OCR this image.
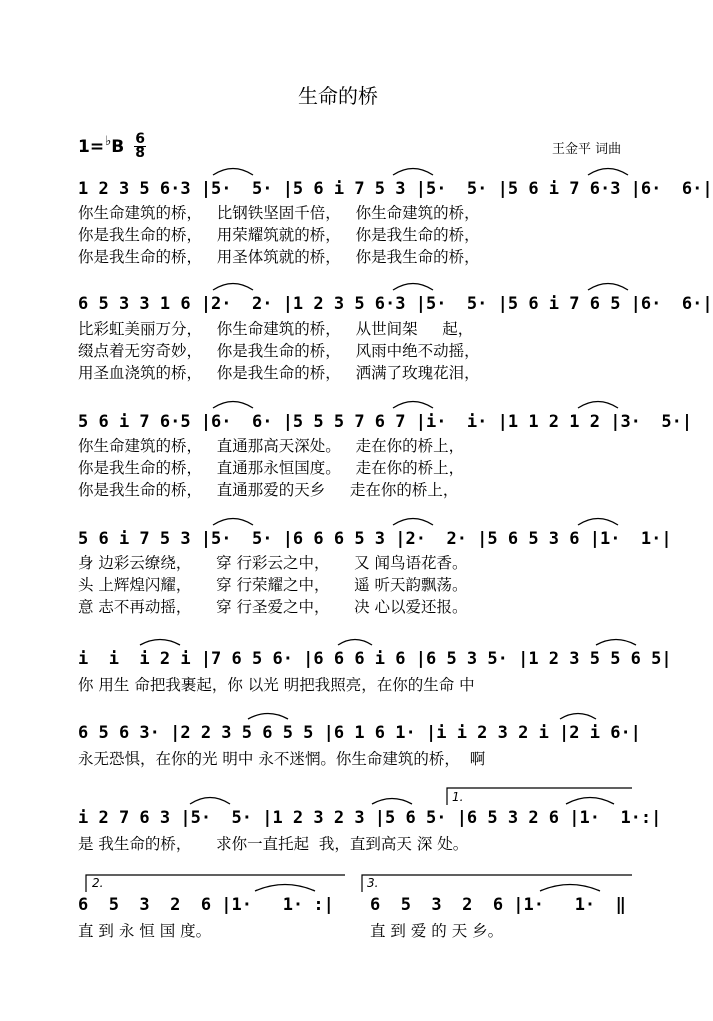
生命的桥
1= ♭ B 6
8	王金平 词曲
1 2 3 5 6·3 |5·  5· |5 6 i 7 5 3 |5·  5· |5 6 i 7 6·3 |6·  6·|
你生命建筑的桥，   比钢铁坚固千倍，   你生命建筑的桥，
你是我生命的桥，   用荣耀筑就的桥，   你是我生命的桥，
你是我生命的桥，   用圣体筑就的桥，   你是我生命的桥，
6 5 3 3 1 6 |2·  2· |1 2 3 5 6·3 |5·  5· |5 6 i 7 6 5 |6·  6·|
比彩虹美丽万分，   你生命建筑的桥，   从世间架     起，
缀点着无穷奇妙，   你是我生命的桥，   风雨中绝不动摇，
用圣血浇筑的桥，   你是我生命的桥，   洒满了玫瑰花泪，
5 6 i 7 6·5 |6·  6· |5 5 5 7 6 7 |i·  i· |1 1 2 1 2 |3·  5·|
你生命建筑的桥，   直通那高天深处。   走在你的桥上，
你是我生命的桥，   直通那永恒国度。   走在你的桥上，
你是我生命的桥，   直通那爱的天乡     走在你的桥上，
5 6 i 7 5 3 |5·  5· |6 6 6 5 3 |2·  2· |5 6 5 3 6 |1·  1·|
身 边彩云缭绕，     穿 行彩云之中，     又 闻鸟语花香。
头 上辉煌闪耀，     穿 行荣耀之中，     遥 听天韵飘荡。
意 志不再动摇，     穿 行圣爱之中，     决 心以爱还报。
i  i  i 2 i |7 6 5 6· |6 6 6 i 6 |6 5 3 5· |1 2 3 5 5 6 5|
你 用生 命把我裹起，你 以光 明把我照亮，在你的生命 中
6 5 6 3· |2 2 3 5 6 5 5 |6 1 6 1· |i i 2 3 2 i |2 i 6·|
永无恐惧，在你的光 明中 永不迷惘。你生命建筑的桥，  啊
1.
i 2 7 6 3 |5·  5· |1 2 3 2 3 |5 6 5· |6 5 3 2 6 |1·  1·:|
是 我生命的桥，     求你一直托起  我，直到高天 深 处。
2.	3.
6  5  3  2  6 |1·   1· :|	6  5  3  2  6 |1·   1·  ‖
直 到 永 恒 国 度。	直 到 爱 的 天 乡。
